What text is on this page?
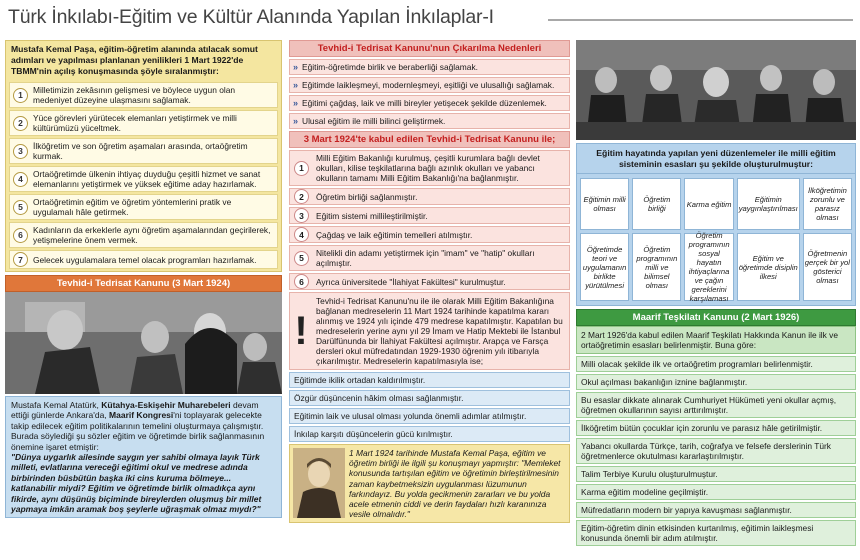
Türk İnkılabı-Eğitim ve Kültür Alanında Yapılan İnkılaplar-I
Mustafa Kemal Paşa, eğitim-öğretim alanında atılacak somut adımları ve yapılması planlanan yenilikleri 1 Mart 1922'de TBMM'nin açılış konuşmasında şöyle sıralanmıştır:
1	Milletimizin zekâsının gelişmesi ve böylece uygun olan medeniyet düzeyine ulaşmasını sağlamak.
2	Yüce görevleri yürütecek elemanları yetiştirmek ve milli kültürümüzü yüceltmek.
3	İlköğretim ve son öğretim aşamaları arasında, ortaöğretim kurmak.
4	Ortaöğretimde ülkenin ihtiyaç duyduğu çeşitli hizmet ve sanat elemanlarını yetiştirmek ve yüksek eğitime aday hazırlamak.
5	Ortaöğretimin eğitim ve öğretim yöntemlerini pratik ve uygulamalı hâle getirmek.
6	Kadınların da erkeklerle aynı öğretim aşamalarından geçirilerek, yetişmelerine önem vermek.
7	Gelecek uygulamalara temel olacak programları hazırlamak.
Tevhid-i Tedrisat Kanunu (3 Mart 1924)
Mustafa Kemal Atatürk, Kütahya-Eskişehir Muharebeleri devam ettiği günlerde Ankara'da, Maarif Kongresi'ni toplayarak gelecekte takip edilecek eğitim politikalarının temelini oluşturmaya çalışmıştır. Burada söylediği şu sözler eğitim ve öğretimde birlik sağlanmasının önemine işaret etmiştir:
"Dünya uygarlık ailesinde saygın yer sahibi olmaya layık Türk milleti, evlatlarına vereceği eğitimi okul ve medrese adında birbirinden büsbütün başka iki cins kuruma bölmeye... katlanabilir miydi? Eğitim ve öğretimde birlik olmadıkça aynı fikirde, aynı düşünüş biçiminde bireylerden oluşmuş bir millet yapmaya imkân aramak boş şeylerle uğraşmak olmaz mıydı?"
Tevhid-i Tedrisat Kanunu'nun Çıkarılma Nedenleri
» Eğitim-öğretimde birlik ve beraberliği sağlamak.
» Eğitimde laikleşmeyi, modernleşmeyi, eşitliği ve ulusallığı sağlamak.
» Eğitimi çağdaş, laik ve milli bireyler yetişecek şekilde düzenlemek.
» Ulusal eğitim ile milli bilinci geliştirmek.
3 Mart 1924'te kabul edilen Tevhid-i Tedrisat Kanunu ile;
1
Milli Eğitim Bakanlığı kurulmuş, çeşitli kurumlara bağlı devlet okulları, kilise teşkilatlarına bağlı azınlık okulları ve yabancı okulların tamamı Milli Eğitim Bakanlığı'na bağlanmıştır.
2	Öğretim birliği sağlanmıştır.
3	Eğitim sistemi millileştirilmiştir.
4	Çağdaş ve laik eğitimin temelleri atılmıştır.
5	Nitelikli din adamı yetiştirmek için "imam" ve "hatip" okulları açılmıştır.
6	Ayrıca üniversitede "İlahiyat Fakültesi" kurulmuştur.
!
Tevhid-i Tedrisat Kanunu'nu ile ile olarak Milli Eğitim Bakanlığına bağlanan medreselerin 11 Mart 1924 tarihinde kapatılma kararı alınmış ve 1924 yılı içinde 479 medrese kapatılmıştır. Kapatılan bu medreselerin yerine aynı yıl 29 İmam ve Hatip Mektebi ile İstanbul Darülfünunda bir İlahiyat Fakültesi açılmıştır. Arapça ve Farsça dersleri okul müfredatından 1929-1930 öğrenim yılı itibarıyla çıkarılmıştır. Medreselerin kapatılmasıyla ise;
Eğitimde ikilik ortadan kaldırılmıştır.
Özgür düşüncenin hâkim olması sağlanmıştır.
Eğitimin laik ve ulusal olması yolunda önemli adımlar atılmıştır.
İnkılap karşıtı düşüncelerin gücü kırılmıştır.
1 Mart 1924 tarihinde Mustafa Kemal Paşa, eğitim ve öğretim birliği ile ilgili şu konuşmayı yapmıştır: "Memleket konusunda tartışılan eğitim ve öğretimin birleştirilmesinin zaman kaybetmeksizin uygulanması lüzumunun farkındayız. Bu yolda gecikmenin zararları ve bu yolda acele etmenin ciddi ve derin faydaları hızlı karanınıza vesile olmalıdır."
Eğitim hayatında yapılan yeni düzenlemeler ile milli eğitim sisteminin esasları şu şekilde oluşturulmuştur:
Eğitimin milli olması
Öğretim birliği	Karma eğitim	Eğitimin yaygınlaştırılması
İlköğretimin zorunlu ve parasız olması
Öğretimde teori ve uygulamanın birlikte yürütülmesi
Öğretim programının milli ve bilimsel olması
Öğretim programının sosyal hayatın ihtiyaçlarına ve çağın gereklerini karşılaması
Eğitim ve öğretimde disiplin ilkesi
Öğretmenin gerçek bir yol gösterici olması
Maarif Teşkilatı Kanunu (2 Mart 1926)
2 Mart 1926'da kabul edilen Maarif Teşkilatı Hakkında Kanun ile ilk ve ortaöğretimin esasları belirlenmiştir. Buna göre:
Milli olacak şekilde ilk ve ortaöğretim programları belirlenmiştir.
Okul açılması bakanlığın iznine bağlanmıştır.
Bu esaslar dikkate alınarak Cumhuriyet Hükümeti yeni okullar açmış, öğretmen okullarının sayısı arttırılmıştır.
İlköğretim bütün çocuklar için zorunlu ve parasız hâle getirilmiştir.
Yabancı okullarda Türkçe, tarih, coğrafya ve felsefe derslerinin Türk öğretmenlerce okutulması kararlaştırılmıştır.
Talim Terbiye Kurulu oluşturulmuştur.
Karma eğitim modeline geçilmiştir.
Müfredatların modern bir yapıya kavuşması sağlanmıştır.
Eğitim-öğretim dinin etkisinden kurtarılmış, eğitimin laikleşmesi konusunda önemli bir adım atılmıştır.
